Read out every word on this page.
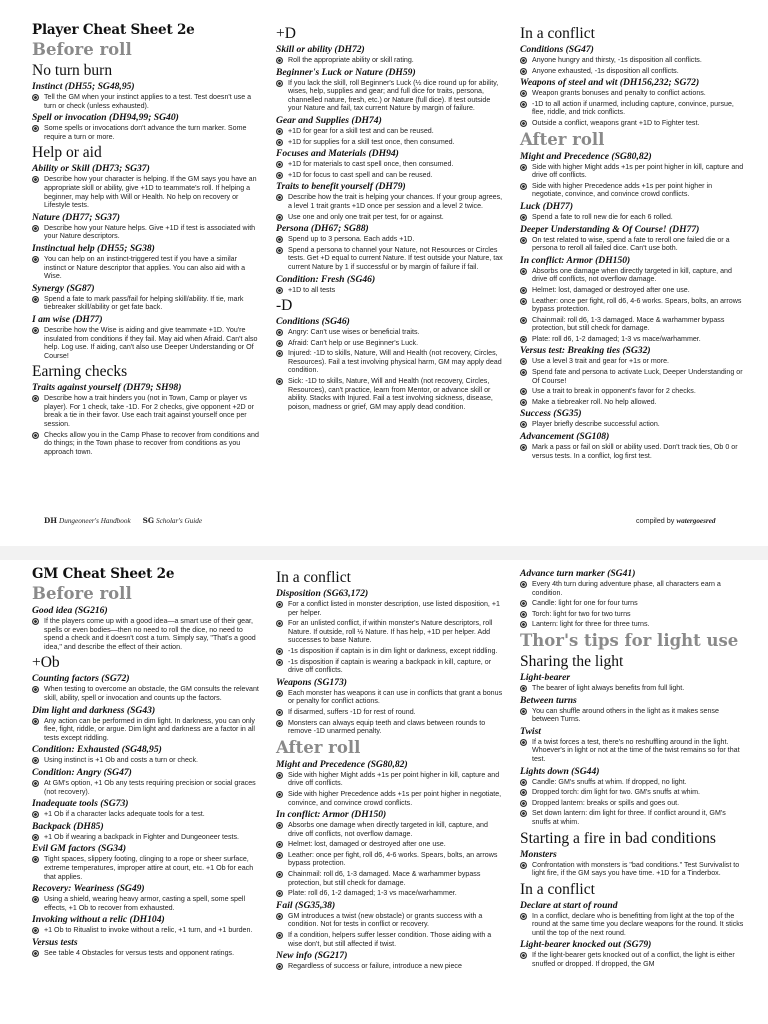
Player Cheat Sheet 2e
Before roll
No turn burn
Instinct (DH55; SG48,95)
Tell the GM when your instinct applies to a test. Test doesn't use a turn or check (unless exhausted).
Spell or invocation (DH94,99; SG40)
Some spells or invocations don't advance the turn marker. Some require a turn or more.
Help or aid
Ability or Skill (DH73; SG37)
Describe how your character is helping. If the GM says you have an appropriate skill or ability, give +1D to teammate's roll. If helping a beginner, may help with Will or Health. No help on recovery or Lifestyle tests.
Nature (DH77; SG37)
Describe how your Nature helps. Give +1D if test is associated with your Nature descriptors.
Instinctual help (DH55; SG38)
You can help on an instinct-triggered test if you have a similar instinct or Nature descriptor that applies. You can also aid with a Wise.
Synergy (SG87)
Spend a fate to mark pass/fail for helping skill/ability. If tie, mark tiebreaker skill/ability or get fate back.
I am wise (DH77)
Describe how the Wise is aiding and give teammate +1D. You're insulated from conditions if they fail. May aid when Afraid. Can't also help. Log use. If aiding, can't also use Deeper Understanding or Of Course!
Earning checks
Traits against yourself (DH79; SH98)
Describe how a trait hinders you (not in Town, Camp or player vs player). For 1 check, take -1D. For 2 checks, give opponent +2D or break a tie in their favor. Use each trait against yourself once per session.
Checks allow you in the Camp Phase to recover from conditions and do things; in the Town phase to recover from conditions as you approach town.
+D
Skill or ability (DH72)
Roll the appropriate ability or skill rating.
Beginner's Luck or Nature (DH59)
If you lack the skill, roll Beginner's Luck (½ dice round up for ability, wises, help, supplies and gear; and full dice for traits, persona, channelled nature, fresh, etc.) or Nature (full dice). If test outside your Nature and fail, tax current Nature by margin of failure.
Gear and Supplies (DH74)
+1D for gear for a skill test and can be reused.
+1D for supplies for a skill test once, then consumed.
Focuses and Materials (DH94)
+1D for materials to cast spell once, then consumed.
+1D for focus to cast spell and can be reused.
Traits to benefit yourself (DH79)
Describe how the trait is helping your chances. If your group agrees, a level 1 trait grants +1D once per session and a level 2 twice.
Use one and only one trait per test, for or against.
Persona (DH67; SG88)
Spend up to 3 persona. Each adds +1D.
Spend a persona to channel your Nature, not Resources or Circles tests. Get +D equal to current Nature. If test outside your Nature, tax current Nature by 1 if successful or by margin of failure if fail.
Condition: Fresh (SG46)
+1D to all tests
-D
Conditions (SG46)
Angry: Can't use wises or beneficial traits.
Afraid: Can't help or use Beginner's Luck.
Injured: -1D to skills, Nature, Will and Health (not recovery, Circles, Resources). Fail a test involving physical harm, GM may apply dead condition.
Sick: -1D to skills, Nature, Will and Health (not recovery, Circles, Resources), can't practice, learn from Mentor, or advance skill or ability. Stacks with Injured. Fail a test involving sickness, disease, poison, madness or grief, GM may apply dead condition.
In a conflict
Conditions (SG47)
Anyone hungry and thirsty, -1s disposition all conflicts.
Anyone exhausted, -1s disposition all conflicts.
Weapons of steel and wit (DH156,232; SG72)
Weapon grants bonuses and penalty to conflict actions.
-1D to all action if unarmed, including capture, convince, pursue, flee, riddle, and trick conflicts.
Outside a conflict, weapons grant +1D to Fighter test.
After roll
Might and Precedence (SG80,82)
Side with higher Might adds +1s per point higher in kill, capture and drive off conflicts.
Side with higher Precedence adds +1s per point higher in negotiate, convince, and convince crowd conflicts.
Luck (DH77)
Spend a fate to roll new die for each 6 rolled.
Deeper Understanding & Of Course! (DH77)
On test related to wise, spend a fate to reroll one failed die or a persona to reroll all failed dice. Can't use both.
In conflict: Armor (DH150)
Absorbs one damage when directly targeted in kill, capture, and drive off conflicts, not overflow damage.
Helmet: lost, damaged or destroyed after one use.
Leather: once per fight, roll d6, 4-6 works. Spears, bolts, an arrows bypass protection.
Chainmail: roll d6, 1-3 damaged. Mace & warhammer bypass protection, but still check for damage.
Plate: roll d6, 1-2 damaged; 1-3 vs mace/warhammer.
Versus test: Breaking ties (SG32)
Use a level 3 trait and gear for +1s or more.
Spend fate and persona to activate Luck, Deeper Understanding or Of Course!
Use a trait to break in opponent's favor for 2 checks.
Make a tiebreaker roll. No help allowed.
Success (SG35)
Player briefly describe successful action.
Advancement (SG108)
Mark a pass or fail on skill or ability used. Don't track ties, Ob 0 or versus tests. In a conflict, log first test.
DH Dungeoneer's Handbook SG Scholar's Guide	compiled by watergoesred
GM Cheat Sheet 2e
Before roll
Good idea (SG216)
If the players come up with a good idea—a smart use of their gear, spells or even bodies—then no need to roll the dice, no need to spend a check and it doesn't cost a turn. Simply say, "That's a good idea," and describe the effect of their action.
+Ob
Counting factors (SG72)
When testing to overcome an obstacle, the GM consults the relevant skill, ability, spell or invocation and counts up the factors.
Dim light and darkness (SG43)
Any action can be performed in dim light. In darkness, you can only flee, fight, riddle, or argue. Dim light and darkness are a factor in all tests except riddling.
Condition: Exhausted (SG48,95)
Using instinct is +1 Ob and costs a turn or check.
Condition: Angry (SG47)
At GM's option, +1 Ob any tests requiring precision or social graces (not recovery).
Inadequate tools (SG73)
+1 Ob if a character lacks adequate tools for a test.
Backpack (DH85)
+1 Ob if wearing a backpack in Fighter and Dungeoneer tests.
Evil GM factors (SG34)
Tight spaces, slippery footing, clinging to a rope or sheer surface, extreme temperatures, improper attire at court, etc. +1 Ob for each that applies.
Recovery: Weariness (SG49)
Using a shield, wearing heavy armor, casting a spell, some spell effects, +1 Ob to recover from exhausted.
Invoking without a relic (DH104)
+1 Ob to Ritualist to invoke without a relic, +1 turn, and +1 burden.
Versus tests
See table 4 Obstacles for versus tests and opponent ratings.
In a conflict
Disposition (SG63,172)
For a conflict listed in monster description, use listed disposition, +1 per helper.
For an unlisted conflict, if within monster's Nature descriptors, roll Nature. If outside, roll ½ Nature. If has help, +1D per helper. Add successes to base Nature.
-1s disposition if captain is in dim light or darkness, except riddling.
-1s disposition if captain is wearing a backpack in kill, capture, or drive off conflicts.
Weapons (SG173)
Each monster has weapons it can use in conflicts that grant a bonus or penalty for conflict actions.
If disarmed, suffers -1D for rest of round.
Monsters can always equip teeth and claws between rounds to remove -1D unarmed penalty.
After roll
Might and Precedence (SG80,82)
Side with higher Might adds +1s per point higher in kill, capture and drive off conflicts.
Side with higher Precedence adds +1s per point higher in negotiate, convince, and convince crowd conflicts.
In conflict: Armor (DH150)
Absorbs one damage when directly targeted in kill, capture, and drive off conflicts, not overflow damage.
Helmet: lost, damaged or destroyed after one use.
Leather: once per fight, roll d6, 4-6 works. Spears, bolts, an arrows bypass protection.
Chainmail: roll d6, 1-3 damaged. Mace & warhammer bypass protection, but still check for damage.
Plate: roll d6, 1-2 damaged; 1-3 vs mace/warhammer.
Fail (SG35,38)
GM introduces a twist (new obstacle) or grants success with a condition. Not for tests in conflict or recovery.
If a condition, helpers suffer lesser condition. Those aiding with a wise don't, but still affected if twist.
New info (SG217)
Regardless of success or failure, introduce a new piece
Advance turn marker (SG41)
Every 4th turn during adventure phase, all characters earn a condition.
Candle: light for one for four turns
Torch: light for two for two turns
Lantern: light for three for three turns.
Thor's tips for light use
Sharing the light
Light-bearer
The bearer of light always benefits from full light.
Between turns
You can shuffle around others in the light as it makes sense between Turns.
Twist
If a twist forces a test, there's no reshuffling around in the light. Whoever's in light or not at the time of the twist remains so for that test.
Lights down (SG44)
Candle: GM's snuffs at whim. If dropped, no light.
Dropped torch: dim light for two. GM's snuffs at whim.
Dropped lantern: breaks or spills and goes out.
Set down lantern: dim light for three. If conflict around it, GM's snuffs at whim.
Starting a fire in bad conditions
Monsters
Confrontation with monsters is "bad conditions." Test Survivalist to light fire, if the GM says you have time. +1D for a Tinderbox.
In a conflict
Declare at start of round
In a conflict, declare who is benefitting from light at the top of the round at the same time you declare weapons for the round. It sticks until the top of the next round.
Light-bearer knocked out (SG79)
If the light-bearer gets knocked out of a conflict, the light is either snuffed or dropped. If dropped, the GM
